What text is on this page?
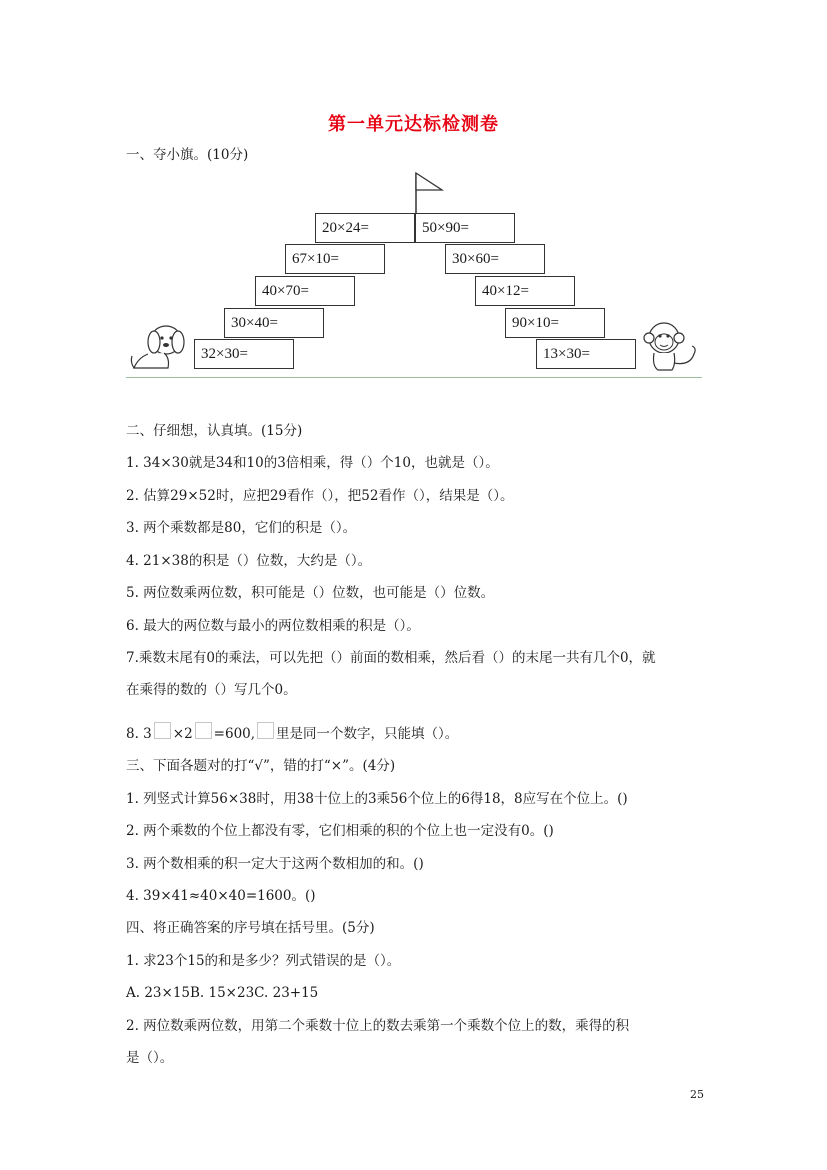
第一单元达标检测卷
一、夺小旗。(10分)
20×24=
67×10=
40×70=
30×40=
32×30=
50×90=
30×60=
40×12=
90×10=
13×30=
二、仔细想，认真填。(15分)
1. 34×30就是34和10的3倍相乘，得（）个10，也就是（）。
2. 估算29×52时，应把29看作（），把52看作（），结果是（）。
3. 两个乘数都是80，它们的积是（）。
4. 21×38的积是（）位数，大约是（）。
5. 两位数乘两位数，积可能是（）位数，也可能是（）位数。
6. 最大的两位数与最小的两位数相乘的积是（）。
7.乘数末尾有0的乘法，可以先把（）前面的数相乘，然后看（）的末尾一共有几个0，就
在乘得的数的（）写几个0。
8. 3 ×2 =600, 里是同一个数字，只能填（）。
三、下面各题对的打“√”，错的打“×”。(4分)
1. 列竖式计算56×38时，用38十位上的3乘56个位上的6得18，8应写在个位上。()
2. 两个乘数的个位上都没有零，它们相乘的积的个位上也一定没有0。()
3. 两个数相乘的积一定大于这两个数相加的和。()
4. 39×41≈40×40=1600。()
四、将正确答案的序号填在括号里。(5分)
1. 求23个15的和是多少？列式错误的是（）。
A. 23×15B. 15×23C. 23+15
2. 两位数乘两位数，用第二个乘数十位上的数去乘第一个乘数个位上的数，乘得的积
是（）。
25
